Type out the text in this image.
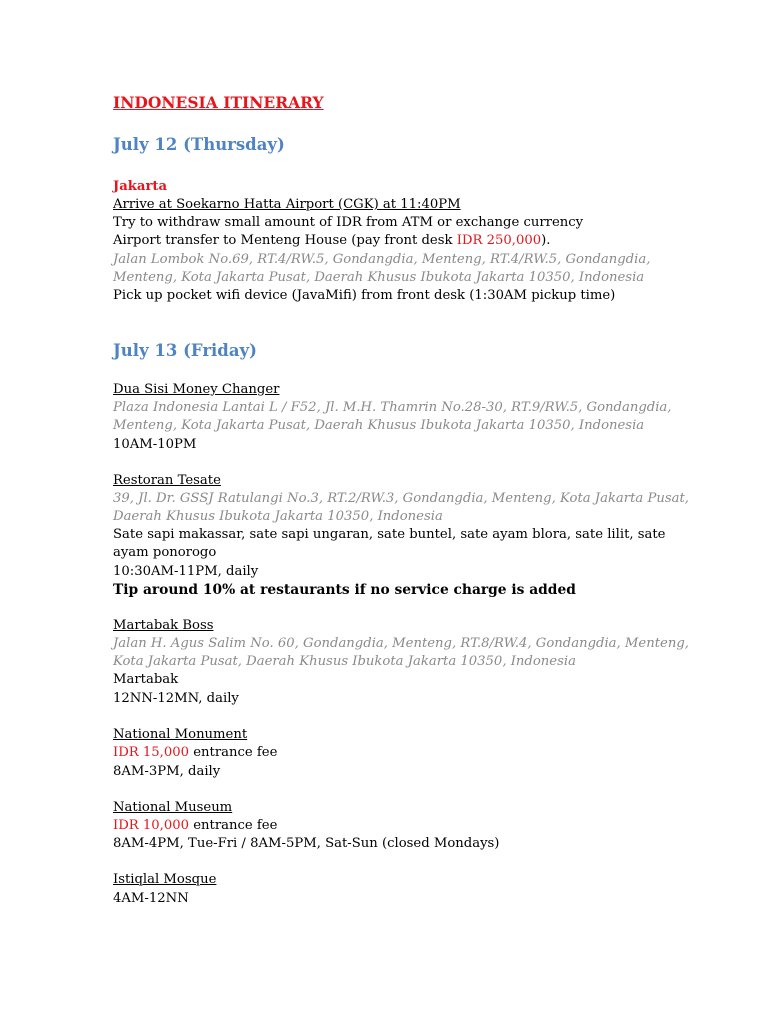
INDONESIA ITINERARY
July 12 (Thursday)
Jakarta
Arrive at Soekarno Hatta Airport (CGK) at 11:40PM
Try to withdraw small amount of IDR from ATM or exchange currency
Airport transfer to Menteng House (pay front desk IDR 250,000).
Jalan Lombok No.69, RT.4/RW.5, Gondangdia, Menteng, RT.4/RW.5, Gondangdia,
Menteng, Kota Jakarta Pusat, Daerah Khusus Ibukota Jakarta 10350, Indonesia
Pick up pocket wifi device (JavaMifi) from front desk (1:30AM pickup time)
July 13 (Friday)
Dua Sisi Money Changer
Plaza Indonesia Lantai L / F52, Jl. M.H. Thamrin No.28-30, RT.9/RW.5, Gondangdia,
Menteng, Kota Jakarta Pusat, Daerah Khusus Ibukota Jakarta 10350, Indonesia
10AM-10PM
Restoran Tesate
39, Jl. Dr. GSSJ Ratulangi No.3, RT.2/RW.3, Gondangdia, Menteng, Kota Jakarta Pusat,
Daerah Khusus Ibukota Jakarta 10350, Indonesia
Sate sapi makassar, sate sapi ungaran, sate buntel, sate ayam blora, sate lilit, sate
ayam ponorogo
10:30AM-11PM, daily
Tip around 10% at restaurants if no service charge is added
Martabak Boss
Jalan H. Agus Salim No. 60, Gondangdia, Menteng, RT.8/RW.4, Gondangdia, Menteng,
Kota Jakarta Pusat, Daerah Khusus Ibukota Jakarta 10350, Indonesia
Martabak
12NN-12MN, daily
National Monument
IDR 15,000 entrance fee
8AM-3PM, daily
National Museum
IDR 10,000 entrance fee
8AM-4PM, Tue-Fri / 8AM-5PM, Sat-Sun (closed Mondays)
Istiqlal Mosque
4AM-12NN
